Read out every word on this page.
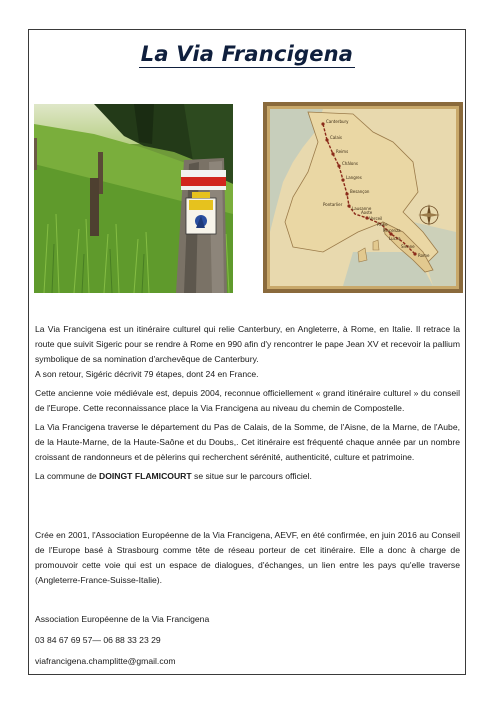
La Via Francigena
Canterbury
Calais
Reims
Châlons
Langres
Besançon
Pontarlier
Lausanne
Aoste
Verceil
Pavie
Piacenza
Lucca
Sienne
Rome

La Via Francigena est un itinéraire culturel qui relie Canterbury, en Angleterre, à Rome, en Italie. Il retrace la route que suivit Sigeric pour se rendre à Rome en 990 afin d'y rencontrer le pape Jean XV et recevoir la pallium symbolique de sa nomination d'archevêque de Canterbury.

A son retour, Sigéric décrivit 79 étapes, dont 24 en France.

Cette ancienne voie médiévale est, depuis 2004, reconnue officiellement « grand itinéraire culturel » du conseil de l'Europe. Cette reconnaissance place la Via Francigena au niveau du chemin de Compostelle.

La Via Francigena traverse le département du Pas de Calais, de la Somme, de l'Aisne, de la Marne, de l'Aube, de la Haute-Marne, de la Haute-Saône et du Doubs,. Cet itinéraire est fréquenté chaque année par un nombre croissant de randonneurs et de pèlerins qui recherchent sérénité, authenticité, culture et patrimoine.

La commune de DOINGT FLAMICOURT se situe sur le parcours officiel.

Crée en 2001, l'Association Européenne de la Via Francigena, AEVF, en été confirmée, en juin 2016 au Conseil de l'Europe basé à Strasbourg comme tête de réseau porteur de cet itinéraire. Elle a donc à charge de promouvoir cette voie qui est un espace de dialogues, d'échanges, un lien entre les pays qu'elle traverse (Angleterre-France-Suisse-Italie).

Association Européenne de la Via Francigena

03 84 67 69 57— 06 88 33 23 29

viafrancigena.champlitte@gmail.com
